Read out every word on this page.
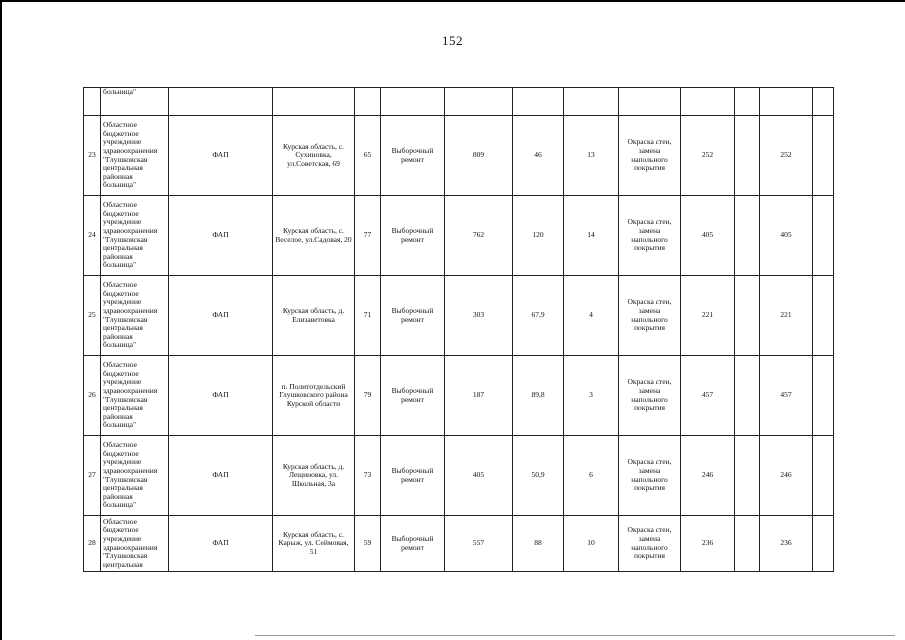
152
	больница"												
23	Областное бюджетное учреждение здравоохранения "Глушковская центральная районная больница"	ФАП	Курская область, с. Сухиновка, ул.Советская, 69	65	Выборочный ремонт	809	46	13	Окраска стен, замена напольного покрытия	252		252	
24	Областное бюджетное учреждение здравоохранения "Глушковская центральная районная больница"	ФАП	Курская область, с. Веселое, ул.Садовая, 20	77	Выборочный ремонт	762	120	14	Окраска стен, замена напольного покрытия	405		405	
25	Областное бюджетное учреждение здравоохранения "Глушковская центральная районная больница"	ФАП	Курская область, д. Елизаветовка	71	Выборочный ремонт	303	67,9	4	Окраска стен, замена напольного покрытия	221		221	
26	Областное бюджетное учреждение здравоохранения "Глушковская центральная районная больница"	ФАП	п. Политотдельский Глушковского района Курской области	79	Выборочный ремонт	187	89,8	3	Окраска стен, замена напольного покрытия	457		457	
27	Областное бюджетное учреждение здравоохранения "Глушковская центральная районная больница"	ФАП	Курская область, д. Лещиновка, ул. Школьная, 3а	73	Выборочный ремонт	405	50,9	6	Окраска стен, замена напольного покрытия	246		246	
28	Областное бюджетное учреждение здравоохранения "Глушковская центральная	ФАП	Курская область, с. Карыж, ул. Сеймовая, 51	59	Выборочный ремонт	557	88	10	Окраска стен, замена напольного покрытия	236		236	
